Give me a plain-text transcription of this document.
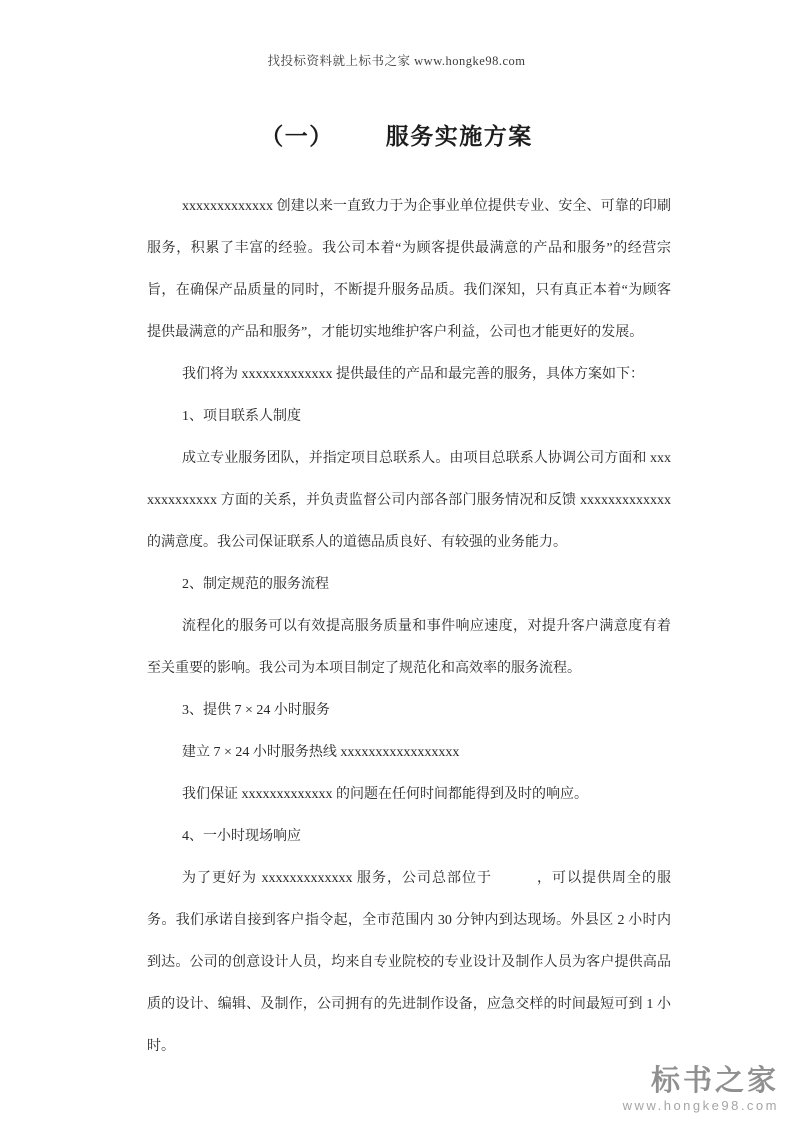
找投标资料就上标书之家 www.hongke98.com
（一） 服务实施方案

xxxxxxxxxxxxx 创建以来一直致力于为企事业单位提供专业、安全、可靠的印刷服务，积累了丰富的经验。我公司本着“为顾客提供最满意的产品和服务”的经营宗旨，在确保产品质量的同时，不断提升服务品质。我们深知，只有真正本着“为顾客提供最满意的产品和服务”，才能切实地维护客户利益，公司也才能更好的发展。

我们将为 xxxxxxxxxxxxx 提供最佳的产品和最完善的服务，具体方案如下：

1、项目联系人制度

成立专业服务团队，并指定项目总联系人。由项目总联系人协调公司方面和 xxxxxxxxxxxxx 方面的关系，并负责监督公司内部各部门服务情况和反馈 xxxxxxxxxxxxx 的满意度。我公司保证联系人的道德品质良好、有较强的业务能力。

2、制定规范的服务流程

流程化的服务可以有效提高服务质量和事件响应速度，对提升客户满意度有着至关重要的影响。我公司为本项目制定了规范化和高效率的服务流程。

3、提供 7 × 24 小时服务

建立 7 × 24 小时服务热线 xxxxxxxxxxxxxxxxx

我们保证 xxxxxxxxxxxxx 的问题在任何时间都能得到及时的响应。

4、一小时现场响应

为了更好为 xxxxxxxxxxxxx 服务，公司总部位于　　　，可以提供周全的服务。我们承诺自接到客户指令起，全市范围内 30 分钟内到达现场。外县区 2 小时内到达。公司的创意设计人员，均来自专业院校的专业设计及制作人员为客户提供高品质的设计、编辑、及制作，公司拥有的先进制作设备，应急交样的时间最短可到 1 小时。

标书之家
www.hongke98.com
